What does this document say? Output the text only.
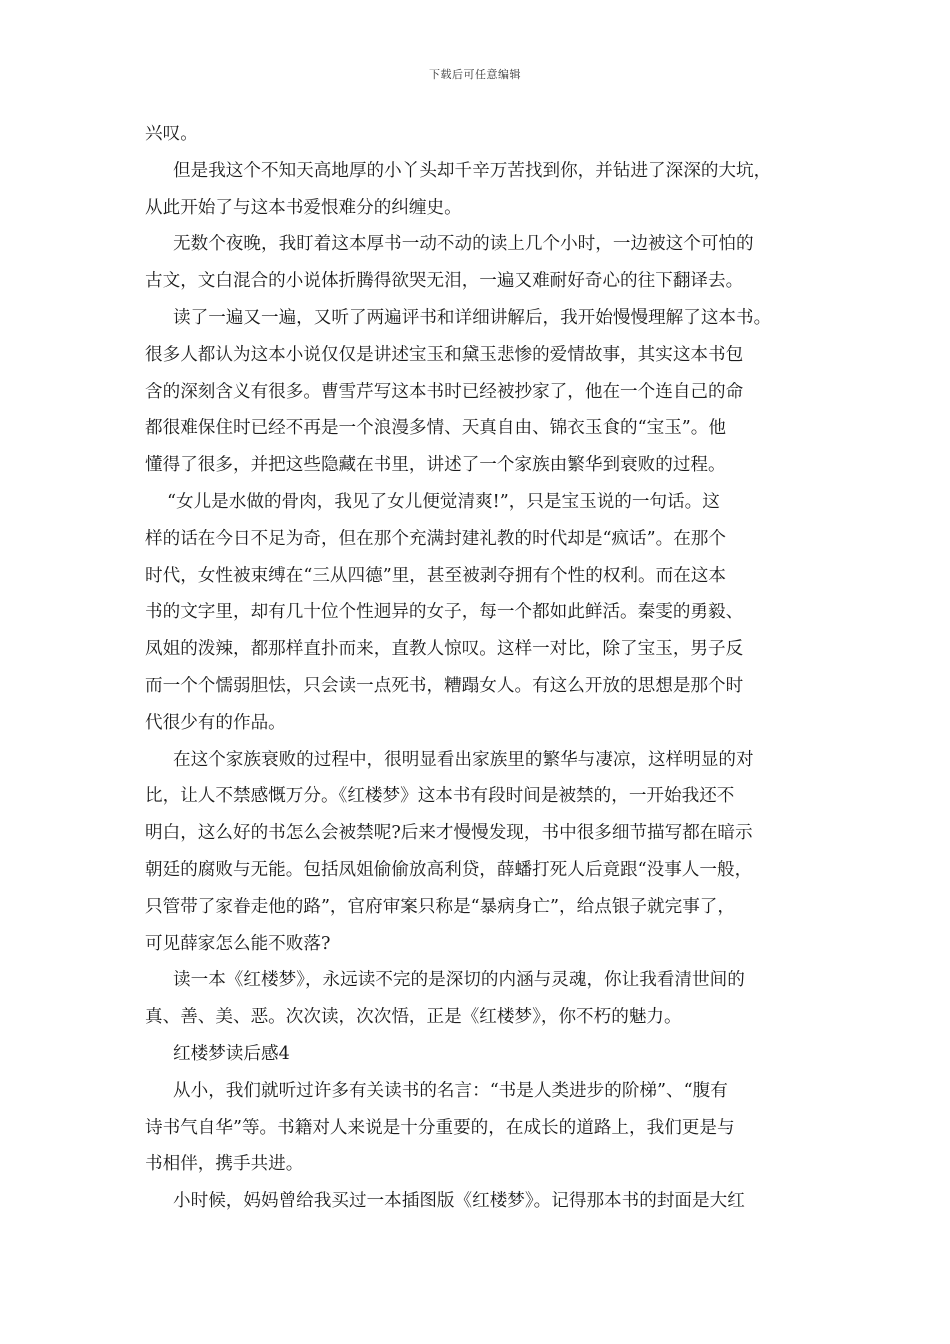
下载后可任意编辑
兴叹。
但是我这个不知天高地厚的小丫头却千辛万苦找到你，并钻进了深深的大坑，
从此开始了与这本书爱恨难分的纠缠史。
无数个夜晚，我盯着这本厚书一动不动的读上几个小时，一边被这个可怕的
古文，文白混合的小说体折腾得欲哭无泪，一遍又难耐好奇心的往下翻译去。
读了一遍又一遍，又听了两遍评书和详细讲解后，我开始慢慢理解了这本书。
很多人都认为这本小说仅仅是讲述宝玉和黛玉悲惨的爱情故事，其实这本书包
含的深刻含义有很多。曹雪芹写这本书时已经被抄家了，他在一个连自己的命
都很难保住时已经不再是一个浪漫多情、天真自由、锦衣玉食的“宝玉”。他
懂得了很多，并把这些隐藏在书里，讲述了一个家族由繁华到衰败的过程。
“女儿是水做的骨肉，我见了女儿便觉清爽!”，只是宝玉说的一句话。这
样的话在今日不足为奇，但在那个充满封建礼教的时代却是“疯话”。在那个
时代，女性被束缚在“三从四德”里，甚至被剥夺拥有个性的权利。而在这本
书的文字里，却有几十位个性迥异的女子，每一个都如此鲜活。秦雯的勇毅、
凤姐的泼辣，都那样直扑而来，直教人惊叹。这样一对比，除了宝玉，男子反
而一个个懦弱胆怯，只会读一点死书，糟蹋女人。有这么开放的思想是那个时
代很少有的作品。
在这个家族衰败的过程中，很明显看出家族里的繁华与凄凉，这样明显的对
比，让人不禁感慨万分。《红楼梦》这本书有段时间是被禁的，一开始我还不
明白，这么好的书怎么会被禁呢?后来才慢慢发现，书中很多细节描写都在暗示
朝廷的腐败与无能。包括凤姐偷偷放高利贷，薛蟠打死人后竟跟“没事人一般，
只管带了家眷走他的路”，官府审案只称是“暴病身亡”，给点银子就完事了，
可见薛家怎么能不败落?
读一本《红楼梦》，永远读不完的是深切的内涵与灵魂，你让我看清世间的
真、善、美、恶。次次读，次次悟，正是《红楼梦》，你不朽的魅力。
红楼梦读后感4
从小，我们就听过许多有关读书的名言：“书是人类进步的阶梯”、“腹有
诗书气自华”等。书籍对人来说是十分重要的，在成长的道路上，我们更是与
书相伴，携手共进。
小时候，妈妈曾给我买过一本插图版《红楼梦》。记得那本书的封面是大红
